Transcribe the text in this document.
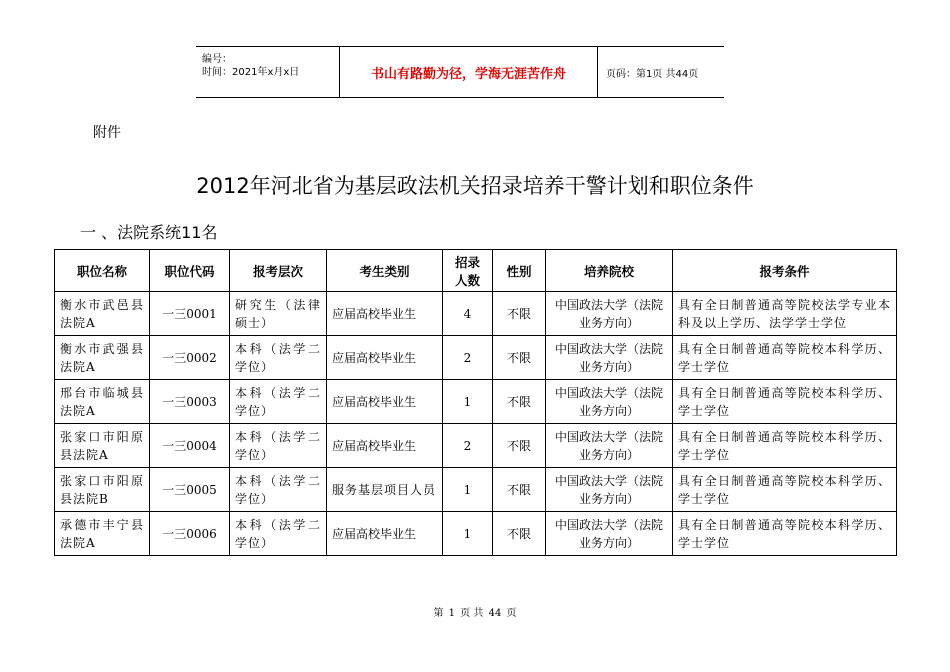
编号：
时间：2021年x月x日	书山有路勤为径，学海无涯苦作舟	页码：第1页 共44页
附件
2012年河北省为基层政法机关招录培养干警计划和职位条件
一 、法院系统11名
职位名称	职位代码	报考层次	考生类别	招录人数	性别	培养院校	报考条件
衡水市武邑县法院A	一三0001	研究生（法律硕士）	应届高校毕业生	4	不限	中国政法大学（法院业务方向）	具有全日制普通高等院校法学专业本科及以上学历、法学学士学位
衡水市武强县法院A	一三0002	本科（法学二学位）	应届高校毕业生	2	不限	中国政法大学（法院业务方向）	具有全日制普通高等院校本科学历、学士学位
邢台市临城县法院A	一三0003	本科（法学二学位）	应届高校毕业生	1	不限	中国政法大学（法院业务方向）	具有全日制普通高等院校本科学历、学士学位
张家口市阳原县法院A	一三0004	本科（法学二学位）	应届高校毕业生	2	不限	中国政法大学（法院业务方向）	具有全日制普通高等院校本科学历、学士学位
张家口市阳原县法院B	一三0005	本科（法学二学位）	服务基层项目人员	1	不限	中国政法大学（法院业务方向）	具有全日制普通高等院校本科学历、学士学位
承德市丰宁县法院A	一三0006	本科（法学二学位）	应届高校毕业生	1	不限	中国政法大学（法院业务方向）	具有全日制普通高等院校本科学历、学士学位
第 1 页 共 44 页
